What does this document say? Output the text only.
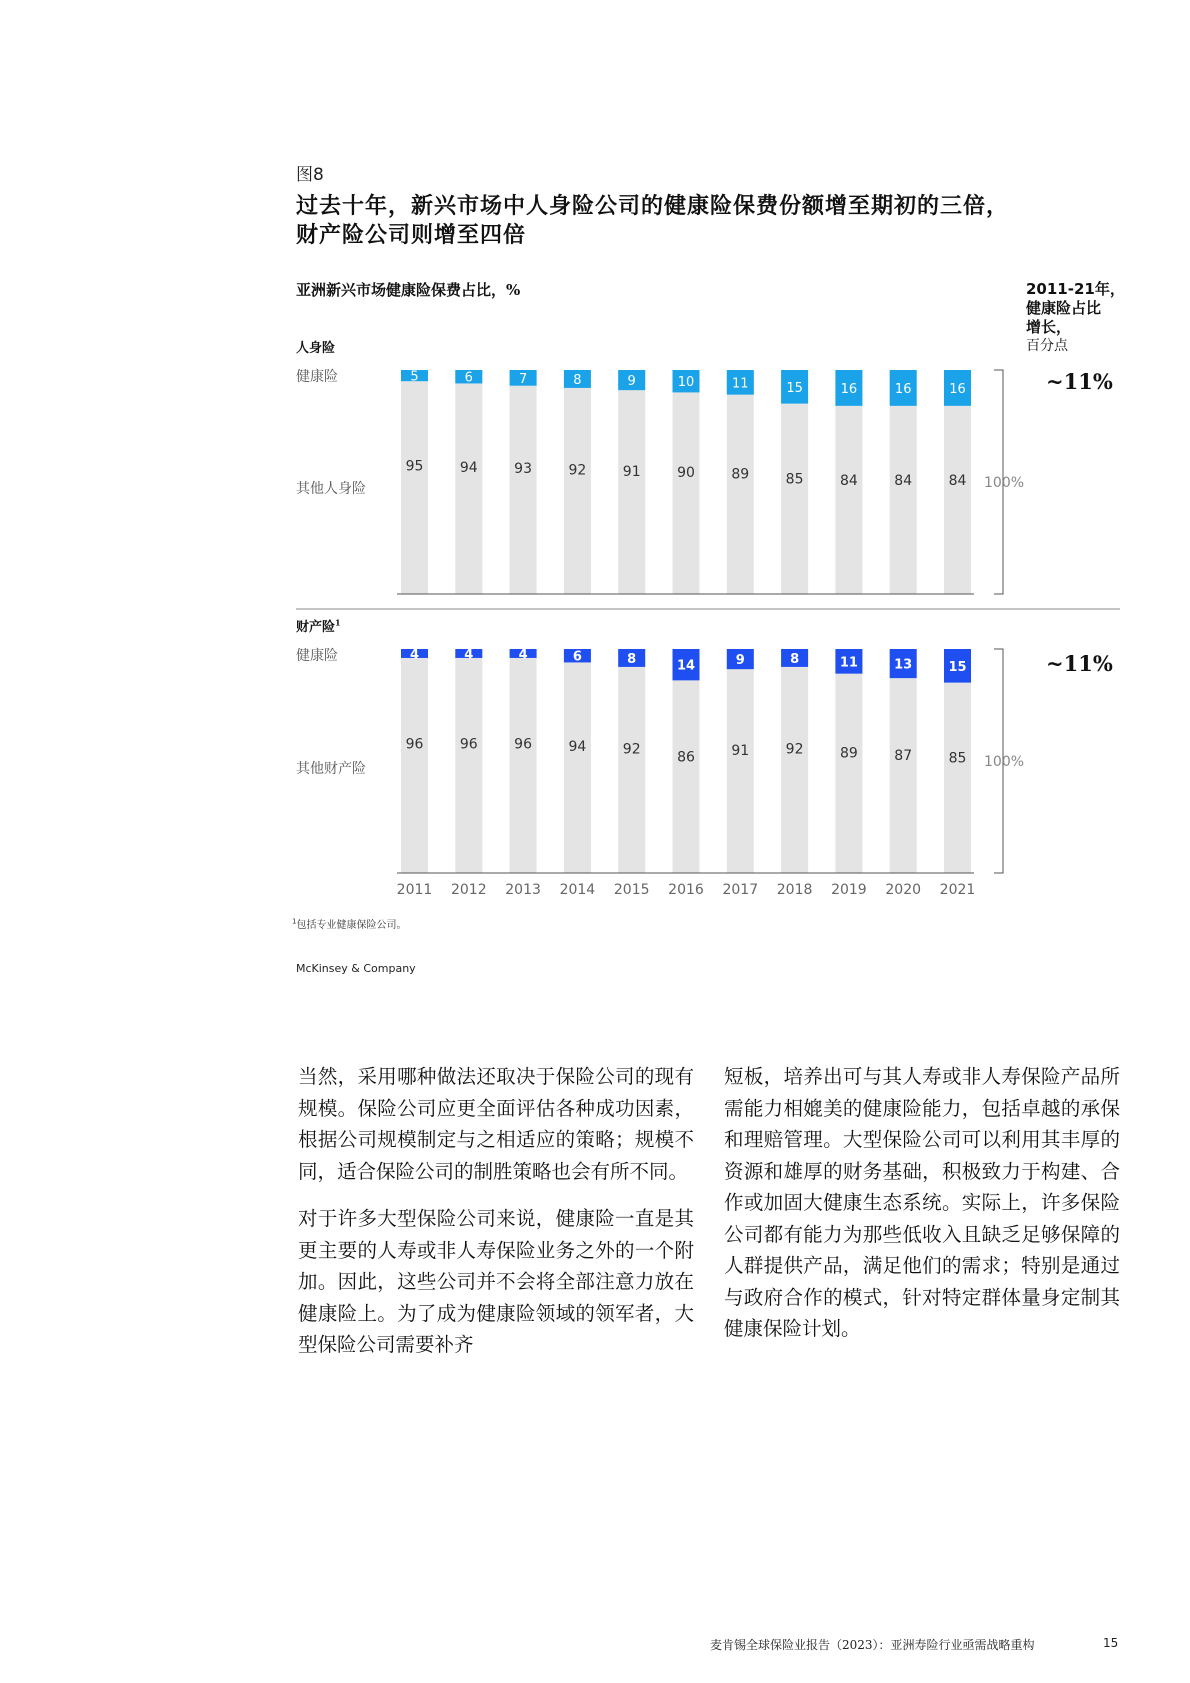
图8
过去十年，新兴市场中人身险公司的健康险保费份额增至期初的三倍，
财产险公司则增至四倍
亚洲新兴市场健康险保费占比，%	2011-21年，
健康险占比
增长，
百分点
人身险
健康险
其他人身险
~11%
财产险$^1$
健康险
其他财产险
~11%
5
95
6
94
7
93
8
92
9
91
10
90
11
89
15
85
16
84
16
84
16
84 100%
4
96
2011
4
96
2012
4
96
2013
6
94
2014
8
92
2015
14
86
2016
9
91
2017
8
92
2018
11
89
2019
13
87
2020
15
85
2021
100%
$^1$包括专业健康保险公司。
McKinsey & Company

当然，采用哪种做法还取决于保险公司的现有规模。保险公司应更全面评估各种成功因素，根据公司规模制定与之相适应的策略；规模不同，适合保险公司的制胜策略也会有所不同。

对于许多大型保险公司来说，健康险一直是其更主要的人寿或非人寿保险业务之外的一个附加。因此，这些公司并不会将全部注意力放在健康险上。为了成为健康险领域的领军者，大型保险公司需要补齐

短板，培养出可与其人寿或非人寿保险产品所需能力相媲美的健康险能力，包括卓越的承保和理赔管理。大型保险公司可以利用其丰厚的资源和雄厚的财务基础，积极致力于构建、合作或加固大健康生态系统。实际上，许多保险公司都有能力为那些低收入且缺乏足够保障的人群提供产品，满足他们的需求；特别是通过与政府合作的模式，针对特定群体量身定制其健康保险计划。

麦肯锡全球保险业报告（2023）：亚洲寿险行业亟需战略重构	15
